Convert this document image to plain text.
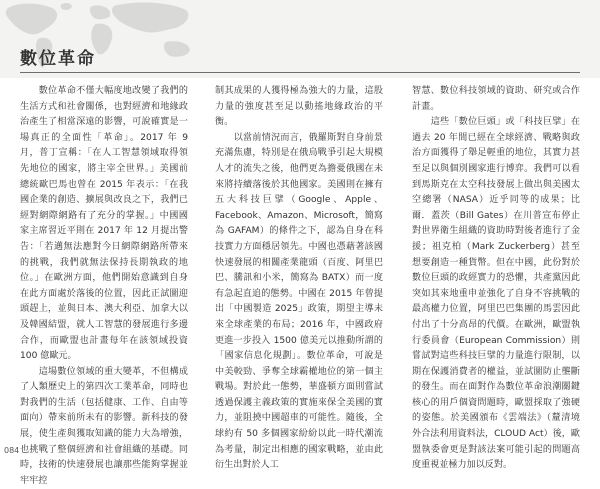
數位革命

　　數位革命不僅大幅度地改變了我們的生活方式和社會關係，也對經濟和地緣政治產生了相當深遠的影響，可說確實是一場真正的全面性「革命」。2017 年 9 月，普丁宣稱：「在人工智慧領域取得領先地位的國家，將主宰全世界。」美國前總統歐巴馬也曾在 2015 年表示：「在我國企業的創造、擴展與改良之下，我們已經對網際網路有了充分的掌握。」中國國家主席習近平則在 2017 年 12 月提出警告：「若邁無法應對今日網際網路所帶來的挑戰，我們就無法保持長期執政的地位。」在歐洲方面，他們開始意識到自身在此方面處於落後的位置，因此正試圖迎頭趕上，並與日本、澳大利亞、加拿大以及韓國結盟，就人工智慧的發展進行多邊合作，而歐盟也計畫每年在該領域投資 100 億歐元。

　　這場數位領域的重大變革，不但構成了人類歷史上的第四次工業革命，同時也對我們的生活（包括健康、工作、自由等面向）帶來前所未有的影響。新科技的發展，使生產與獲取知識的能力大為增強，也挑戰了整個經濟和社會組織的基礎。同時，技術的快速發展也讓那些能夠掌握並牢牢控

制其成果的人獲得極為強大的力量，這股力量的強度甚至足以動搖地緣政治的平衡。

　　以當前情況而言，俄羅斯對自身前景充滿焦慮，特別是在俄烏戰爭引起大規模人才的流失之後，他們更為擔憂俄國在未來將持續落後於其他國家。美國則在擁有五大科技巨擘（Google、Apple、Facebook、Amazon、Microsoft，簡寫為 GAFAM）的條件之下，認為自身在科技實力方面穩居領先。中國也憑藉著該國快速發展的相關產業龍頭（百度、阿里巴巴、騰訊和小米，簡寫為 BATX）而一度有急起直追的態勢。中國在 2015 年曾提出「中國製造 2025」政策，期望主導未來全球產業的布局；2016 年，中國政府更進一步投入 1500 億美元以推動所謂的「國家信息化規劃」。數位革命，可說是中美較勁、爭奪全球霸權地位的第一個主戰場。對於此一態勢，華盛頓方面則嘗試透過保護主義政策的實施來保全美國的實力，並阻撓中國超車的可能性。隨後，全球約有 50 多個國家紛紛以此一時代潮流為考量，制定出相應的國家戰略，並由此衍生出對於人工

智慧、數位科技領域的資助、研究或合作計畫。

　　這些「數位巨頭」或「科技巨擘」在過去 20 年間已經在全球經濟、戰略與政治方面獲得了舉足輕重的地位，其實力甚至足以與個別國家進行博弈。我們可以看到馬斯克在太空科技發展上做出與美國太空總署（NASA）近乎同等的成果；比爾．蓋茨（Bill Gates）在川普宣布停止對世界衛生組織的資助時對後者進行了金援；祖克柏（Mark Zuckerberg）甚至想要創造一種貨幣。但在中國，此份對於數位巨頭的政經實力的恐懼，共產黨因此突如其來地重申並強化了自身不容挑戰的最高權力位置，阿里巴巴集團的馬雲因此付出了十分高昂的代價。在歐洲，歐盟執行委員會（European Commission）則嘗試對這些科技巨擘的力量進行限制，以期在保護消費者的權益，並試圖防止壟斷的發生。而在面對作為數位革命浪潮關鍵核心的用戶個資問題時，歐盟採取了強硬的姿態。於美國頒布《雲端法》（釐清境外合法利用資料法，CLOUD Act）後，歐盟執委會更是對該法案可能引起的問題高度重視並極力加以反對。

084
